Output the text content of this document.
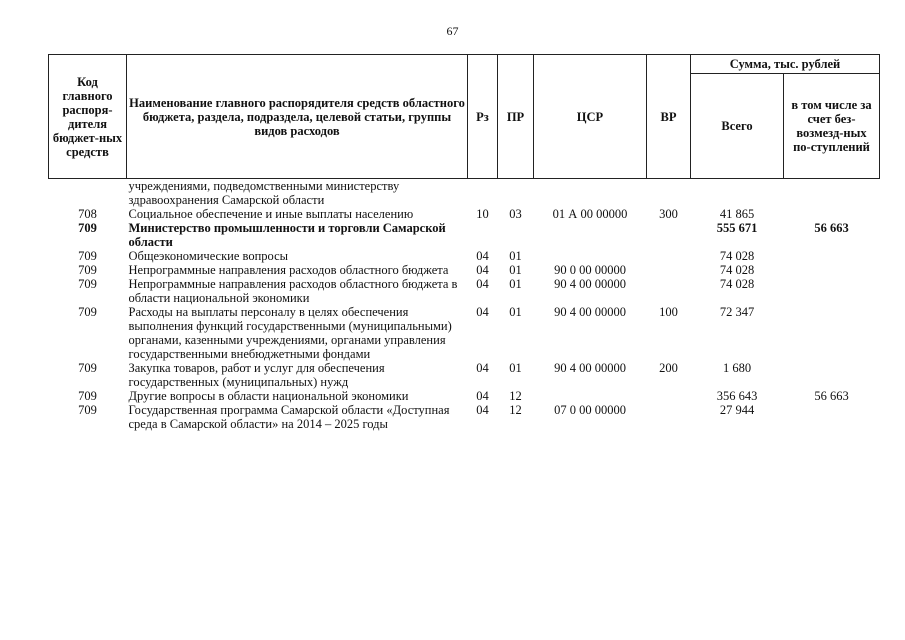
67
Код главного распоря-дителя бюджет-ных средств	Наименование главного распорядителя средств областного бюджета, раздела, подраздела, целевой статьи, группы видов расходов	Рз	ПР	ЦСР	ВР	Сумма, тыс. рублей	
						Всего	в том числе за счет без-возмезд-ных по-ступлений
	учреждениями, подведомственными министерству здравоохранения Самарской области						
708	Социальное обеспечение и иные выплаты населению	10	03	01 А 00 00000	300	41 865	
709	Министерство промышленности и торговли Самарской области					555 671	56 663
709	Общеэкономические вопросы	04	01			74 028	
709	Непрограммные направления расходов областного бюджета	04	01	90 0 00 00000		74 028	
709	Непрограммные направления расходов областного бюджета в области национальной экономики	04	01	90 4 00 00000		74 028	
709	Расходы на выплаты персоналу в целях обеспечения выполнения функций государственными (муниципальными) органами, казенными учреждениями, органами управления государственными внебюджетными фондами	04	01	90 4 00 00000	100	72 347	
709	Закупка товаров, работ и услуг для обеспечения государственных (муниципальных) нужд	04	01	90 4 00 00000	200	1 680	
709	Другие вопросы в области национальной экономики	04	12			356 643	56 663
709	Государственная программа Самарской области «Доступная среда в Самарской области» на 2014 – 2025 годы	04	12	07 0 00 00000		27 944	
